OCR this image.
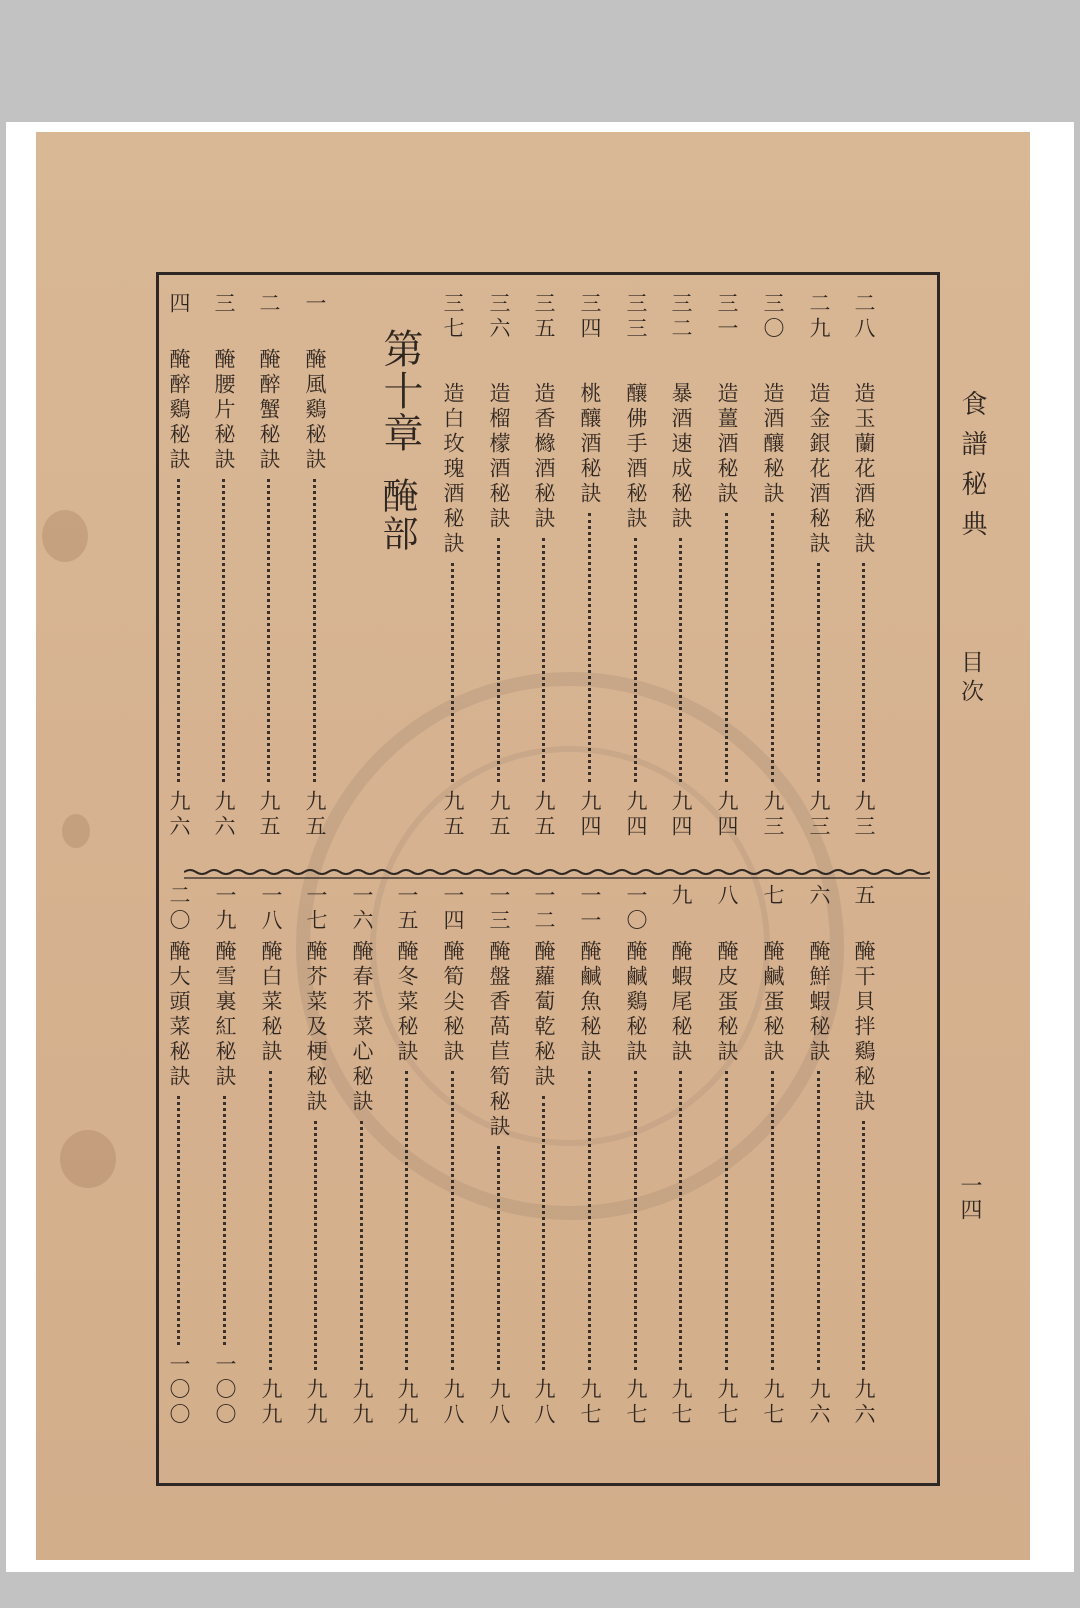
食譜秘典
目次
一四
第十章
醃部
二八
造玉蘭花酒秘訣
九三
二九
造金銀花酒秘訣
九三
三〇
造酒釀秘訣
九三
三一
造薑酒秘訣
九四
三二
暴酒速成秘訣
九四
三三
釀佛手酒秘訣
九四
三四
桃釀酒秘訣
九四
三五
造香櫞酒秘訣
九五
三六
造榴檬酒秘訣
九五
三七
造白玫瑰酒秘訣
九五
一
醃風鷄秘訣
九五
二
醃醉蟹秘訣
九五
三
醃腰片秘訣
九六
四
醃醉鷄秘訣
九六
五
醃干貝拌鷄秘訣
九六
六
醃鮮蝦秘訣
九六
七
醃鹹蛋秘訣
九七
八
醃皮蛋秘訣
九七
九
醃蝦尾秘訣
九七
一〇
醃鹹鷄秘訣
九七
一一
醃鹹魚秘訣
九七
一二
醃蘿蔔乾秘訣
九八
一三
醃盤香萵苣筍秘訣
九八
一四
醃筍尖秘訣
九八
一五
醃冬菜秘訣
九九
一六
醃春芥菜心秘訣
九九
一七
醃芥菜及梗秘訣
九九
一八
醃白菜秘訣
九九
一九
醃雪裏紅秘訣
一〇〇
二〇
醃大頭菜秘訣
一〇〇
